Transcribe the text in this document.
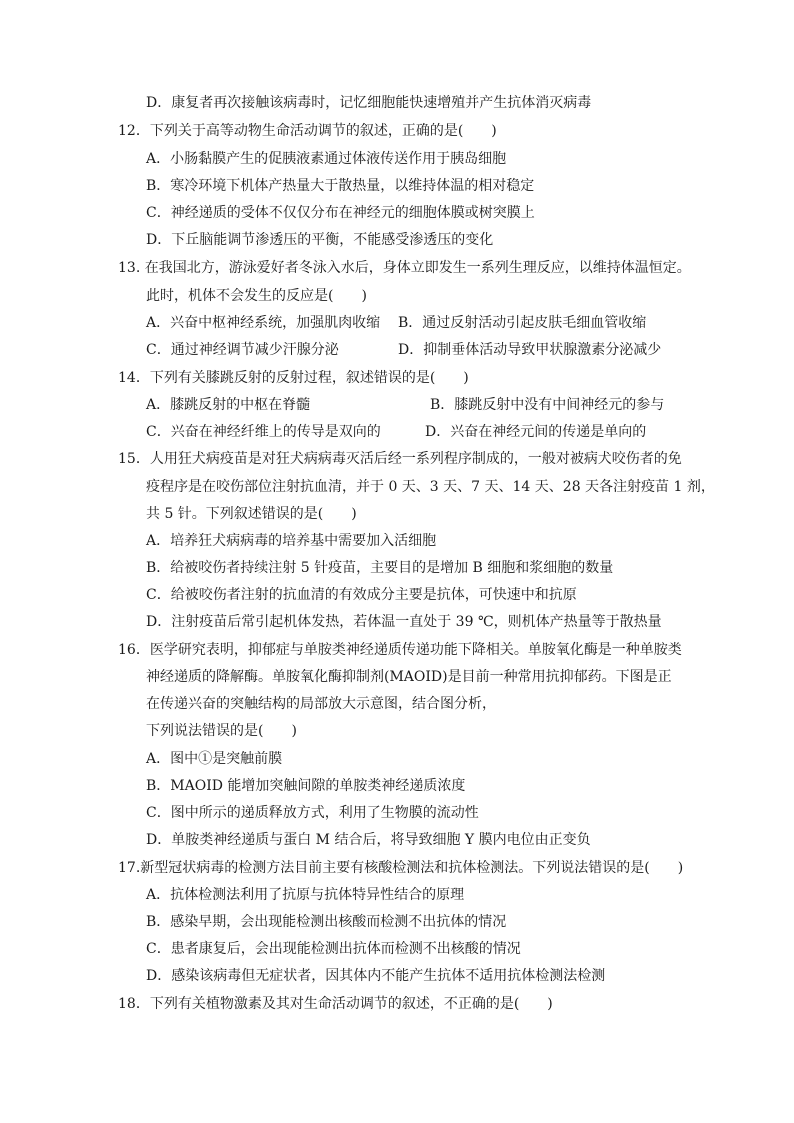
D．康复者再次接触该病毒时，记忆细胞能快速增殖并产生抗体消灭病毒
12．下列关于高等动物生命活动调节的叙述，正确的是(　　)
A．小肠黏膜产生的促胰液素通过体液传送作用于胰岛细胞
B．寒冷环境下机体产热量大于散热量，以维持体温的相对稳定
C．神经递质的受体不仅仅分布在神经元的细胞体膜或树突膜上
D．下丘脑能调节渗透压的平衡，不能感受渗透压的变化
13. 在我国北方，游泳爱好者冬泳入水后，身体立即发生一系列生理反应，以维持体温恒定。
此时，机体不会发生的反应是(　　)
A．兴奋中枢神经系统，加强肌肉收缩 B．通过反射活动引起皮肤毛细血管收缩
C．通过神经调节减少汗腺分泌	D．抑制垂体活动导致甲状腺激素分泌减少
14．下列有关膝跳反射的反射过程，叙述错误的是(　　)
A．膝跳反射的中枢在脊髓	B．膝跳反射中没有中间神经元的参与
C．兴奋在神经纤维上的传导是双向的	D．兴奋在神经元间的传递是单向的
15．人用狂犬病疫苗是对狂犬病病毒灭活后经一系列程序制成的，一般对被病犬咬伤者的免
疫程序是在咬伤部位注射抗血清，并于 0 天、3 天、7 天、14 天、28 天各注射疫苗 1 剂，
共 5 针。下列叙述错误的是(　　)
A．培养狂犬病病毒的培养基中需要加入活细胞
B．给被咬伤者持续注射 5 针疫苗，主要目的是增加 B 细胞和浆细胞的数量
C．给被咬伤者注射的抗血清的有效成分主要是抗体，可快速中和抗原
D．注射疫苗后常引起机体发热，若体温一直处于 39 ℃，则机体产热量等于散热量
16．医学研究表明，抑郁症与单胺类神经递质传递功能下降相关。单胺氧化酶是一种单胺类
神经递质的降解酶。单胺氧化酶抑制剂(MAOID)是目前一种常用抗抑郁药。下图是正
在传递兴奋的突触结构的局部放大示意图，结合图分析，
下列说法错误的是(　　)
A．图中①是突触前膜
B．MAOID 能增加突触间隙的单胺类神经递质浓度
C．图中所示的递质释放方式，利用了生物膜的流动性
D．单胺类神经递质与蛋白 M 结合后，将导致细胞 Y 膜内电位由正变负
17.新型冠状病毒的检测方法目前主要有核酸检测法和抗体检测法。下列说法错误的是(　　)
A．抗体检测法利用了抗原与抗体特异性结合的原理
B．感染早期，会出现能检测出核酸而检测不出抗体的情况
C．患者康复后，会出现能检测出抗体而检测不出核酸的情况
D．感染该病毒但无症状者，因其体内不能产生抗体不适用抗体检测法检测
18．下列有关植物激素及其对生命活动调节的叙述，不正确的是(　　)
